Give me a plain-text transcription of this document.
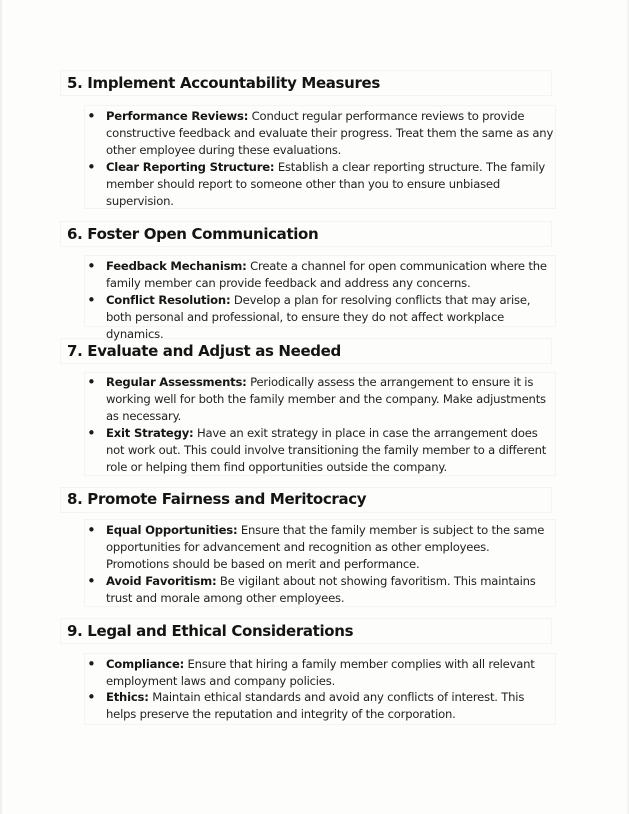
5. Implement Accountability Measures
• Performance Reviews: Conduct regular performance reviews to provide constructive feedback and evaluate their progress. Treat them the same as any other employee during these evaluations.
• Clear Reporting Structure: Establish a clear reporting structure. The family member should report to someone other than you to ensure unbiased supervision.
6. Foster Open Communication
• Feedback Mechanism: Create a channel for open communication where the family member can provide feedback and address any concerns.
• Conflict Resolution: Develop a plan for resolving conflicts that may arise, both personal and professional, to ensure they do not affect workplace dynamics.
7. Evaluate and Adjust as Needed
• Regular Assessments: Periodically assess the arrangement to ensure it is working well for both the family member and the company. Make adjustments as necessary.
• Exit Strategy: Have an exit strategy in place in case the arrangement does not work out. This could involve transitioning the family member to a different role or helping them find opportunities outside the company.
8. Promote Fairness and Meritocracy
• Equal Opportunities: Ensure that the family member is subject to the same opportunities for advancement and recognition as other employees. Promotions should be based on merit and performance.
• Avoid Favoritism: Be vigilant about not showing favoritism. This maintains trust and morale among other employees.
9. Legal and Ethical Considerations
• Compliance: Ensure that hiring a family member complies with all relevant employment laws and company policies.
• Ethics: Maintain ethical standards and avoid any conflicts of interest. This helps preserve the reputation and integrity of the corporation.
